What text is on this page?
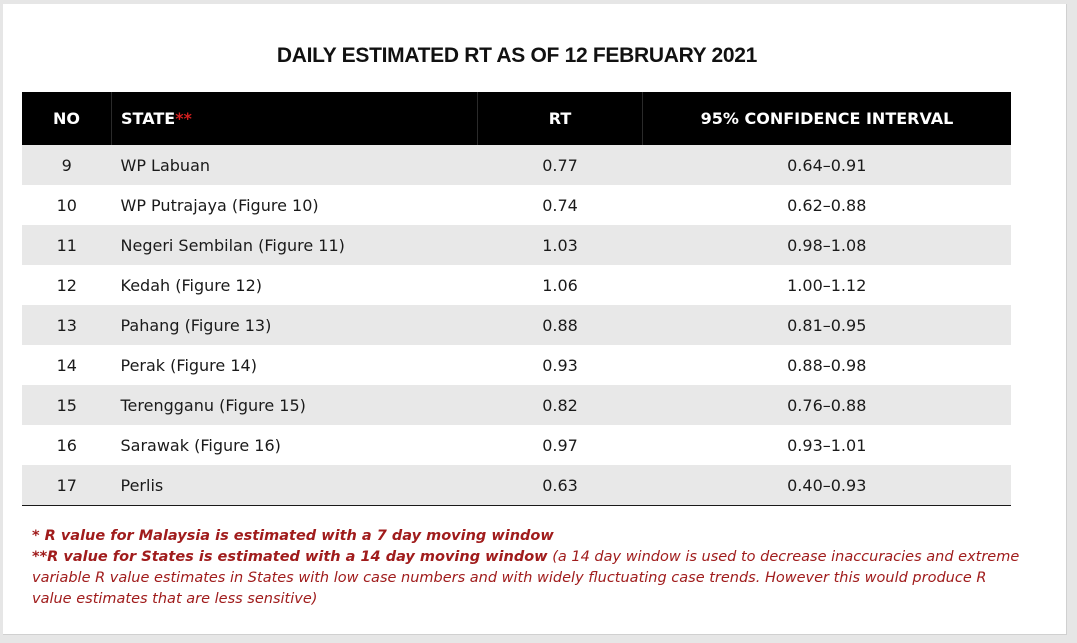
DAILY ESTIMATED RT AS OF 12 FEBRUARY 2021
NO	STATE**	RT	95% CONFIDENCE INTERVAL
9	WP Labuan	0.77	0.64–0.91
10	WP Putrajaya (Figure 10)	0.74	0.62–0.88
11	Negeri Sembilan (Figure 11)	1.03	0.98–1.08
12	Kedah (Figure 12)	1.06	1.00–1.12
13	Pahang (Figure 13)	0.88	0.81–0.95
14	Perak (Figure 14)	0.93	0.88–0.98
15	Terengganu (Figure 15)	0.82	0.76–0.88
16	Sarawak (Figure 16)	0.97	0.93–1.01
17	Perlis	0.63	0.40–0.93
* R value for Malaysia is estimated with a 7 day moving window
**R value for States is estimated with a 14 day moving window (a 14 day window is used to decrease inaccuracies and extreme variable R value estimates in States with low case numbers and with widely fluctuating case trends. However this would produce R value estimates that are less sensitive)
